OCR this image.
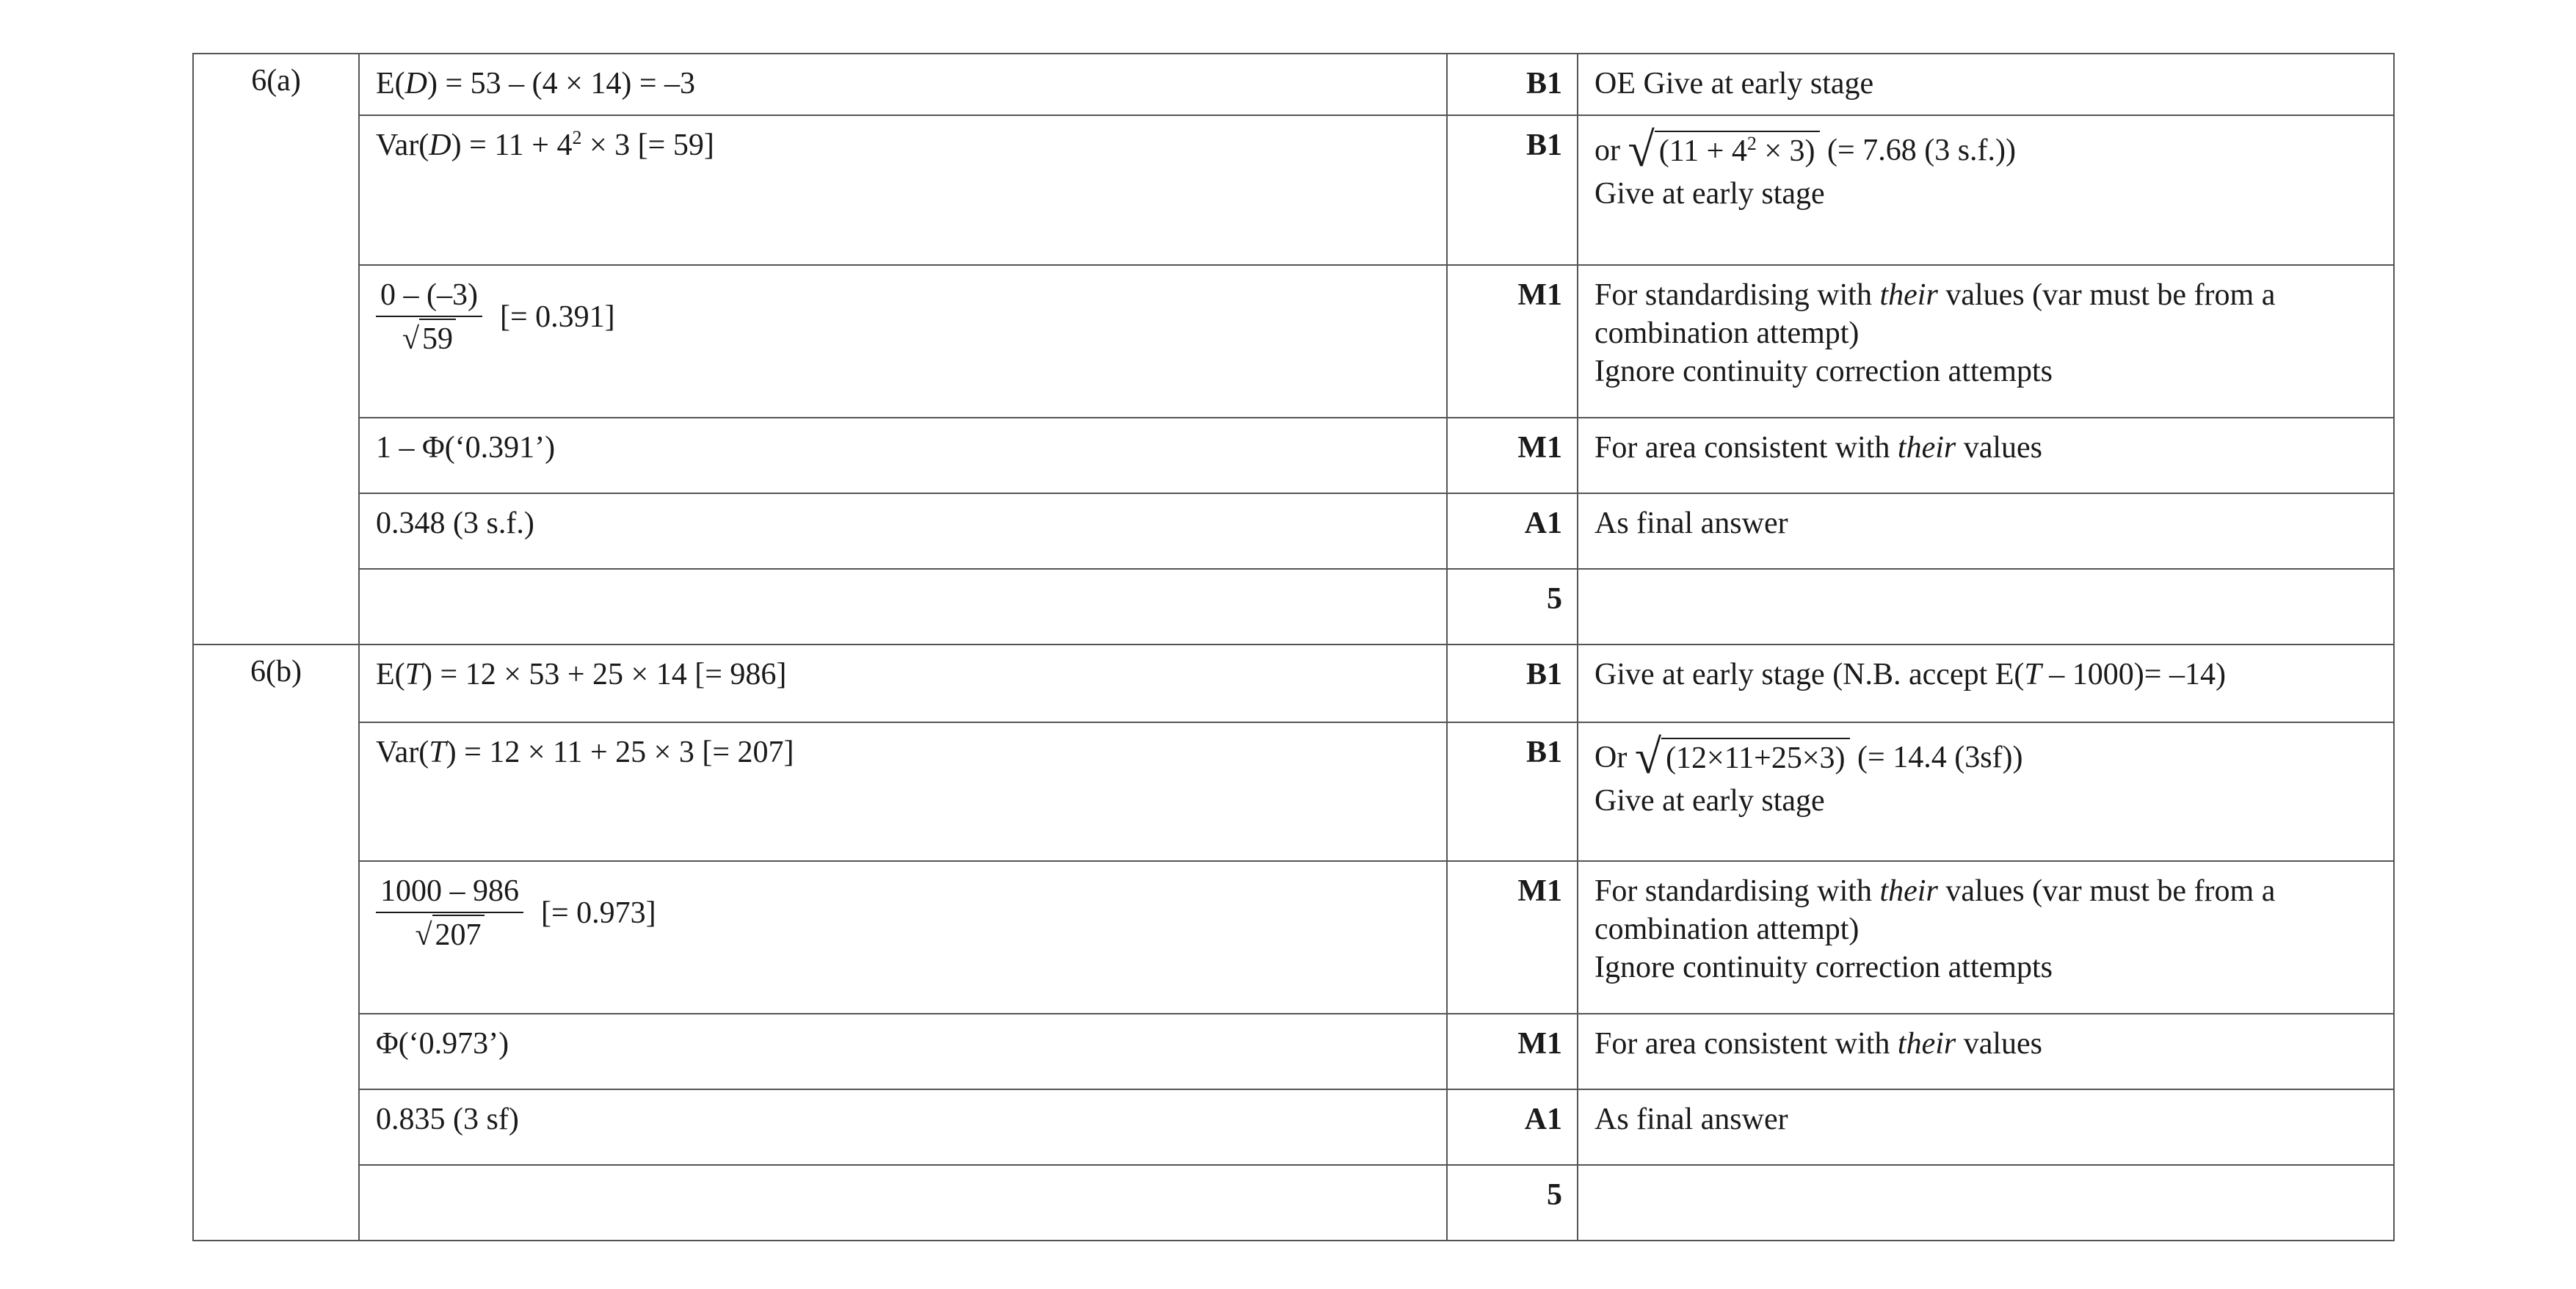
6(a)	E(D) = 53 – (4 × 14) = –3	B1	OE Give at early stage
	$Var(D) = 11 + 4^2 \times 3$ [= 59]	B1	or √ $(11 + 4^2 \times 3)$ (= 7.68 (3 s.f.))
Give at early stage

	$\frac{0 - (-3)}{√59}$ [= 0.391]	M1	For standardising with their values (var must be from a
combination attempt)
Ignore continuity correction attempts

	1 – Φ(‘0.391’)	M1	For area consistent with their values
	0.348 (3 s.f.)	A1	As final answer
		5	
6(b)	E(T) = 12 × 53 + 25 × 14 [= 986]	B1	Give at early stage (N.B. accept E(T – 1000)= –14)
	Var(T) = 12 × 11 + 25 × 3 [= 207]	B1	Or √ (12×11+25×3) (= 14.4 (3sf))
Give at early stage

	$\frac{1000 - 986}{√207}$ [= 0.973]	M1	For standardising with their values (var must be from a
combination attempt)
Ignore continuity correction attempts

	Φ(‘0.973’)	M1	For area consistent with their values
	0.835 (3 sf)	A1	As final answer
		5	
